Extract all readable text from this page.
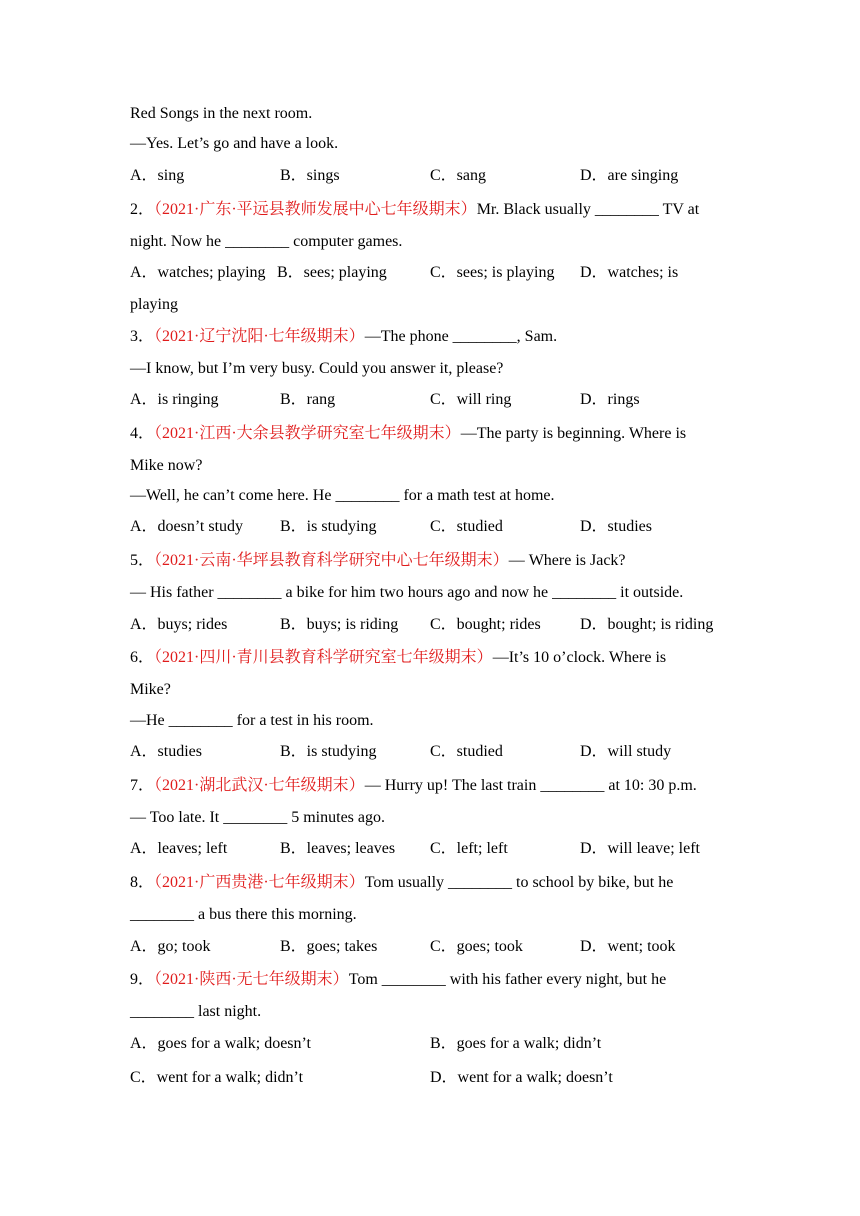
Red Songs in the next room.
—Yes. Let’s go and have a look.
A．sing	B．sings	C．sang	D．are singing
2．（2021·广东·平远县教师发展中心七年级期末）Mr. Black usually ________ TV at
night. Now he ________ computer games.
A．watches; playing B．sees; playing	C．sees; is playing D．watches; is
playing
3．（2021·辽宁沈阳·七年级期末）—The phone ________, Sam.
—I know, but I’m very busy. Could you answer it, please?
A．is ringing	B．rang	C．will ring	D．rings
4．（2021·江西·大余县教学研究室七年级期末）—The party is beginning. Where is
Mike now?
—Well, he can’t come here. He ________ for a math test at home.
A．doesn’t study B．is studying	C．studied	D．studies
5．（2021·云南·华坪县教育科学研究中心七年级期末）— Where is Jack?
— His father ________ a bike for him two hours ago and now he ________ it outside.
A．buys; rides	B．buys; is riding C．bought; rides D．bought; is riding
6．（2021·四川·青川县教育科学研究室七年级期末）—It’s 10 o’clock. Where is
Mike?
—He ________ for a test in his room.
A．studies	B．is studying	C．studied	D．will study
7．（2021·湖北武汉·七年级期末）— Hurry up! The last train ________ at 10: 30 p.m.
— Too late. It ________ 5 minutes ago.
A．leaves; left	B．leaves; leaves C．left; left	D．will leave; left
8．（2021·广西贵港·七年级期末）Tom usually ________ to school by bike, but he
________ a bus there this morning.
A．go; took	B．goes; takes	C．goes; took	D．went; took
9．（2021·陕西·无七年级期末）Tom ________ with his father every night, but he
________ last night.
A．goes for a walk; doesn’t	B．goes for a walk; didn’t
C．went for a walk; didn’t	D．went for a walk; doesn’t
